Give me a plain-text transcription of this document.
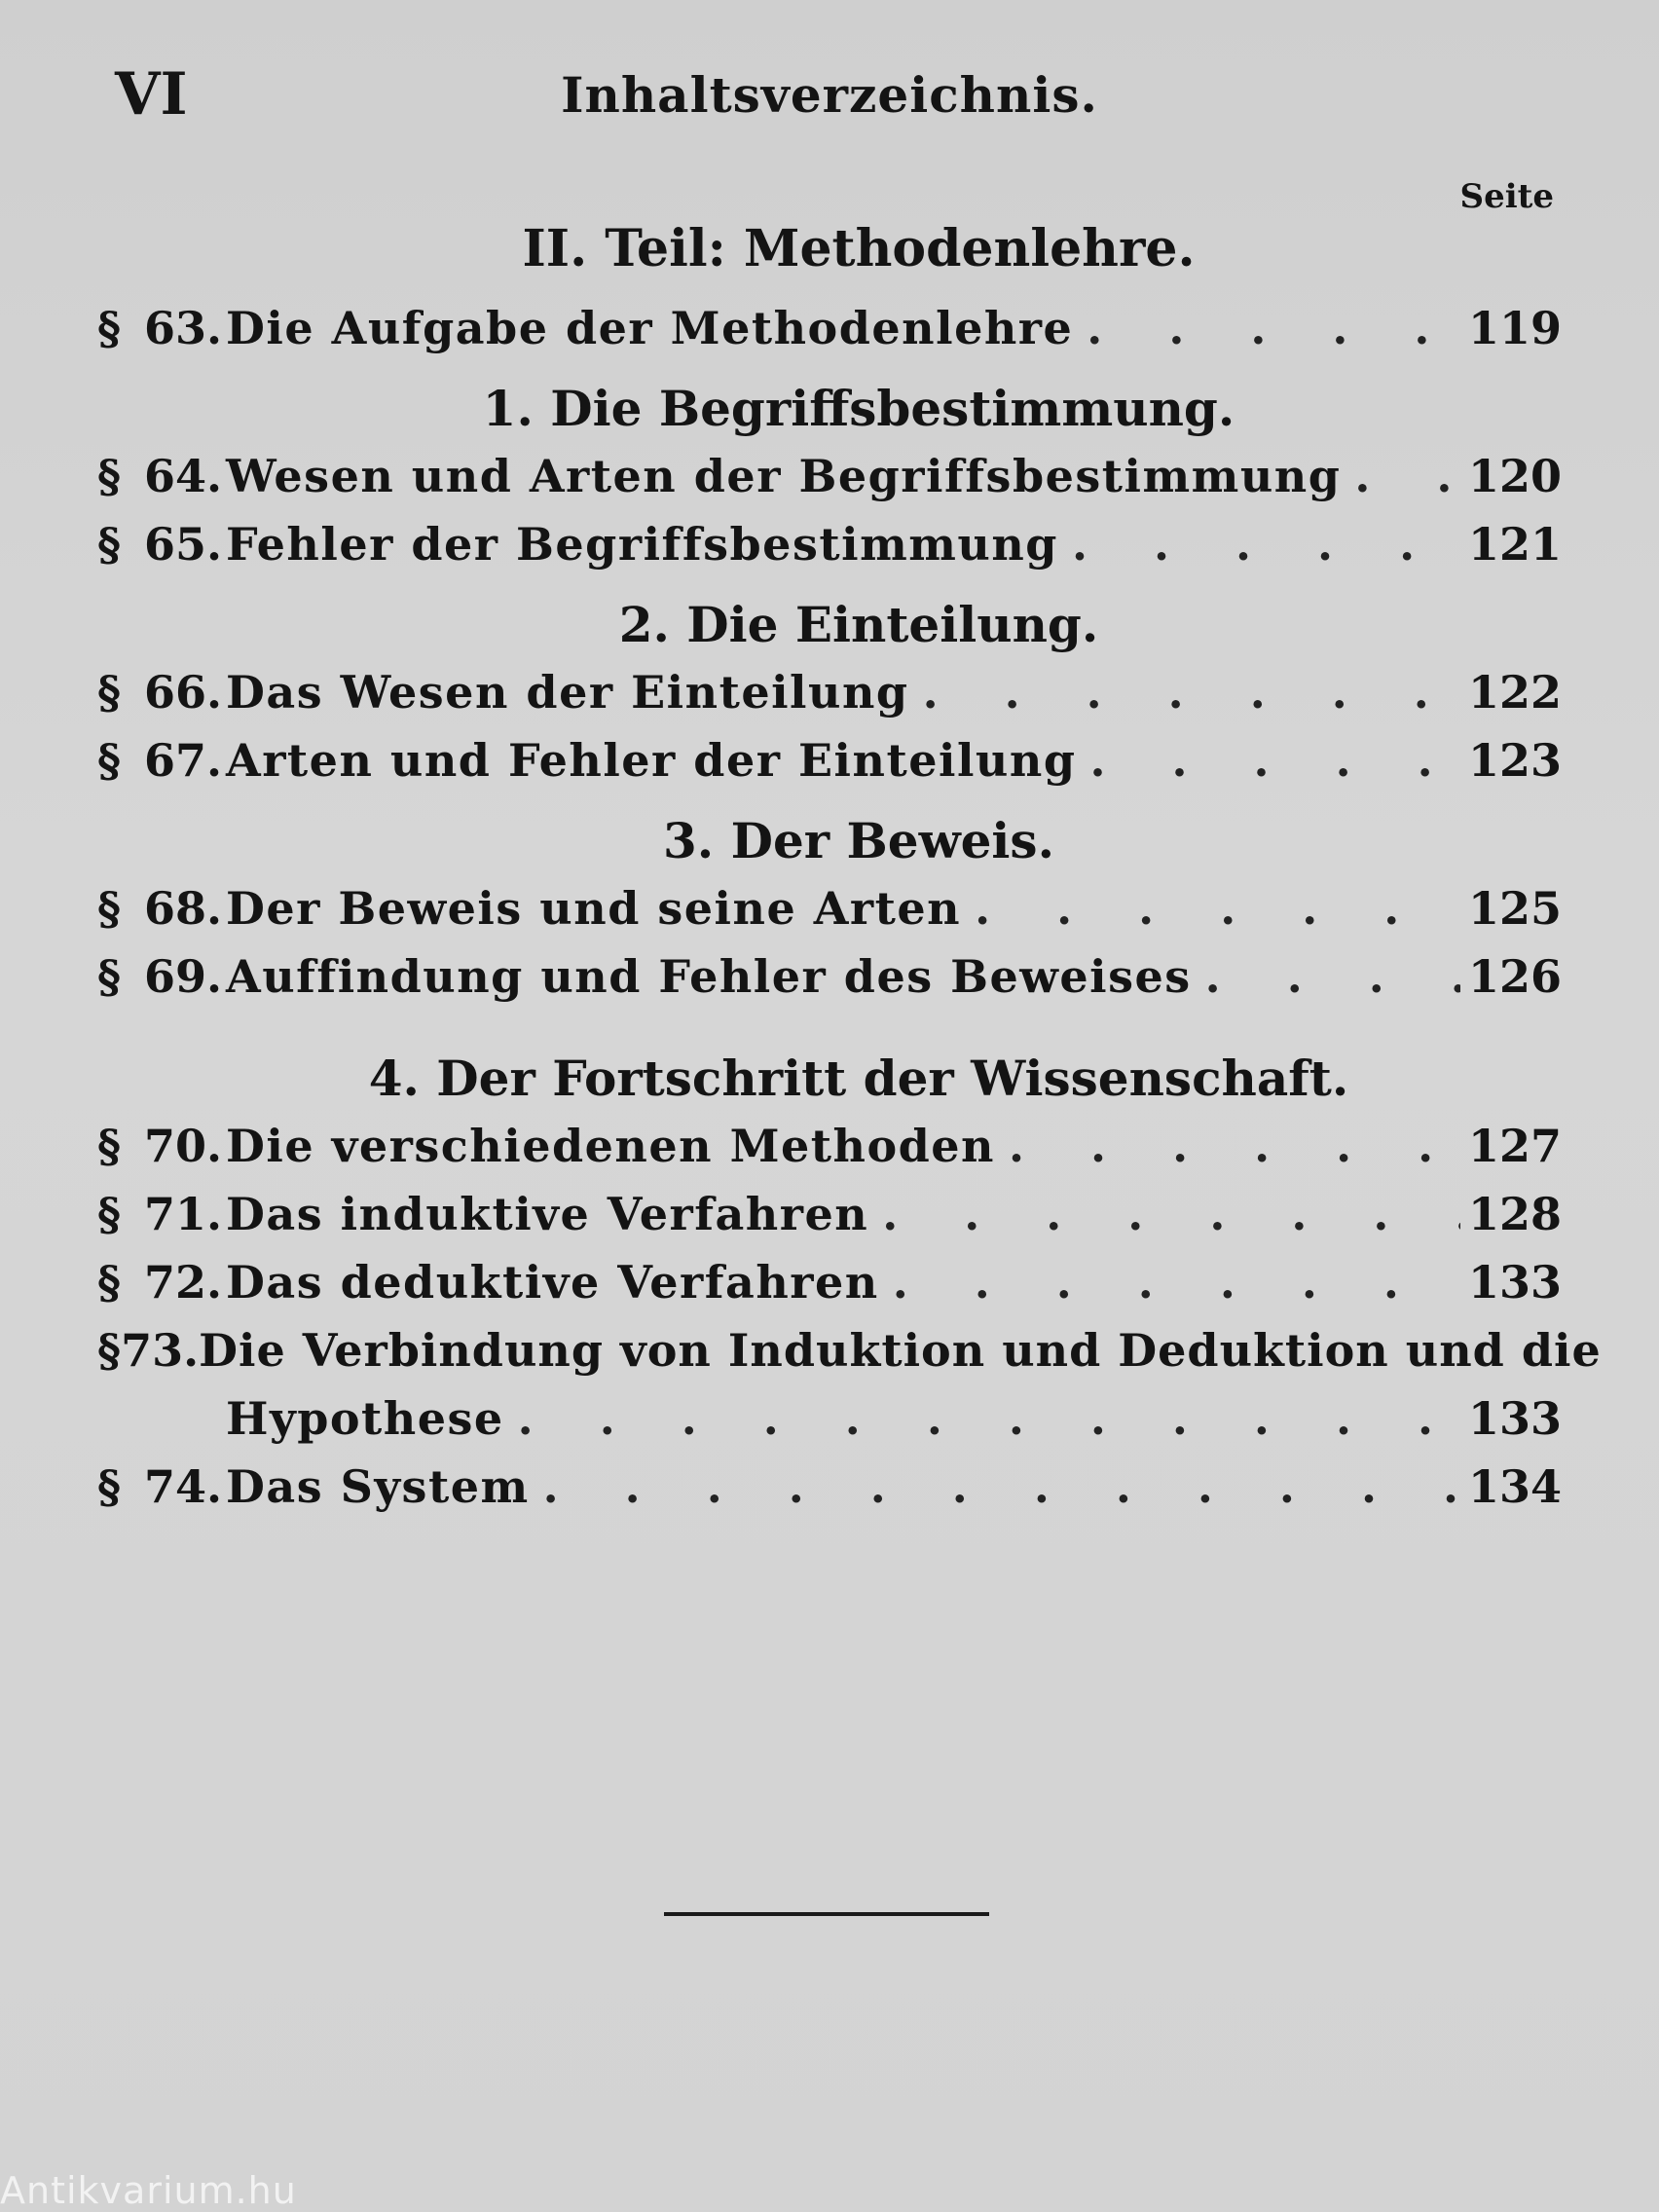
VI	Inhaltsverzeichnis.
Seite
II. Teil: Methodenlehre.
§ 63. Die Aufgabe der Methodenlehre . . .	119
1. Die Begriffsbestimmung.
§ 64. Wesen und Arten der Begriffsbestimmung . . .	120
§ 65. Fehler der Begriffsbestimmung . . .	121
2. Die Einteilung.
§ 66. Das Wesen der Einteilung . . .	122
§ 67. Arten und Fehler der Einteilung . . .	123
3. Der Beweis.
§ 68. Der Beweis und seine Arten . . .	125
§ 69. Auffindung und Fehler des Beweises . . .	126
4. Der Fortschritt der Wissenschaft.
§ 70. Die verschiedenen Methoden . . .	127
§ 71. Das induktive Verfahren . . .	128
§ 72. Das deduktive Verfahren . . .	133
§ 73. Die Verbindung von Induktion und Deduktion und die
Hypothese . . .	133
§ 74. Das System . . .	134
Antikvarium.hu
